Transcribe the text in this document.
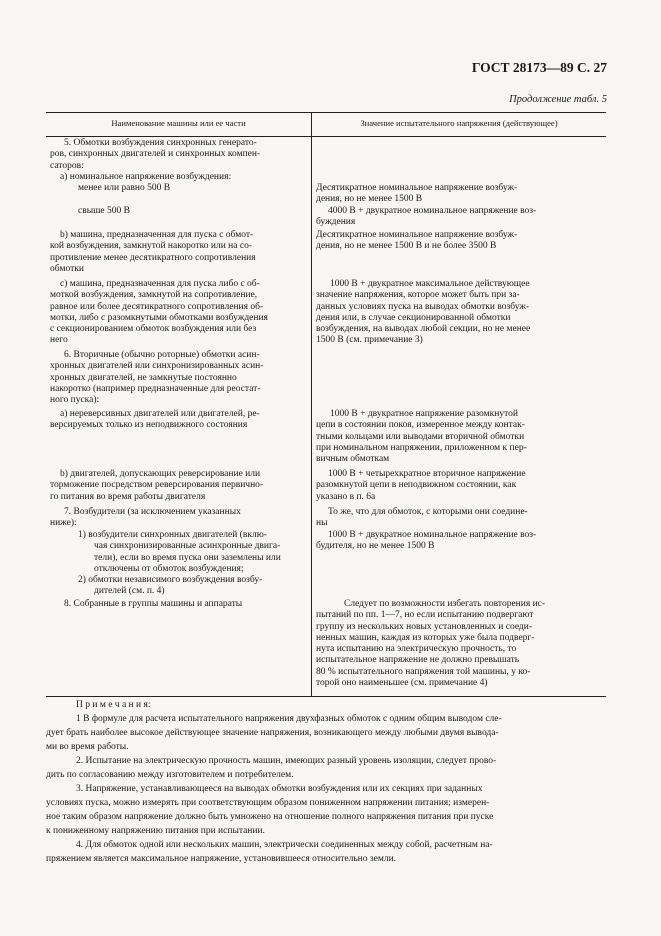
ГОСТ 28173—89 С. 27
Продолжение табл. 5
Наименование машины или ее части	Значение испытательного напряжения (действующее)
5. Обмотки возбуждения синхронных генерато-
ров, синхронных двигателей и синхронных компен-
саторов:
а) номинальное напряжение возбуждения:
менее или равно 500 В
свыше 500 В
b) машина, предназначенная для пуска с обмот-
кой возбуждения, замкнутой накоротко или на со-
противление менее десятикратного сопротивления
обмотки
c) машина, предназначенная для пуска либо с об-
моткой возбуждения, замкнутой на сопротивление,
равное или более десятикратного сопротивления об-
мотки, либо с разомкнутыми обмотками возбуждения
с секционированием обмоток возбуждения или без
него
6. Вторичные (обычно роторные) обмотки асин-
хронных двигателей или синхронизированных асин-
хронных двигателей, не замкнутые постоянно
накоротко (например предназначенные для реостат-
ного пуска):
а) нереверсивных двигателей или двигателей, ре-
версируемых только из неподвижного состояния
b) двигателей, допускающих реверсирование или
торможение посредством реверсирования первично-
го питания во время работы двигателя
7. Возбудители (за исключением указанных
ниже):
1) возбудители синхронных двигателей (вклю-
чая синхронизированные асинхронные двига-
тели), если во время пуска они заземлены или
отключены от обмоток возбуждения;
2) обмотки независимого возбуждения возбу-
дителей (см. п. 4)
8. Собранные в группы машины и аппараты
Десятикратное номинальное напряжение возбуж-
дения, но не менее 1500 В
4000 В + двукратное номинальное напряжение воз-
буждения
Десятикратное номинальное напряжение возбуж-
дения, но не менее 1500 В и не более 3500 В
1000 В + двукратное максимальное действующее
значение напряжения, которое может быть при за-
данных условиях пуска на выводах обмотки возбуж-
дения или, в случае секционированной обмотки
возбуждения, на выводах любой секции, но не менее
1500 В (см. примечание 3)
1000 В + двукратное напряжение разомкнутой
цепи в состоянии покоя, измеренное между контак-
тными кольцами или выводами вторичной обмотки
при номинальном напряжении, приложенном к пер-
вичным обмоткам
1000 В + четырехкратное вторичное напряжение
разомкнутой цепи в неподвижном состоянии, как
указано в п. 6а
То же, что для обмоток, с которыми они соедине-
ны
1000 В + двукратное номинальное напряжение воз-
будителя, но не менее 1500 В
Следует по возможности избегать повторения ис-
пытаний по пп. 1—7, но если испытанию подвергают
группу из нескольких новых установленных и соеди-
ненных машин, каждая из которых уже была подверг-
нута испытанию на электрическую прочность, то
испытательное напряжение не должно превышать
80 % испытательного напряжения той машины, у ко-
торой оно наименьшее (см. примечание 4)
П р и м е ч а н и я:
1 В формуле для расчета испытательного напряжения двухфазных обмоток с одним общим выводом сле-
дует брать наиболее высокое действующее значение напряжения, возникающего между любыми двумя вывода-
ми во время работы.
2. Испытание на электрическую прочность машин, имеющих разный уровень изоляции, следует прово-
дить по согласованию между изготовителем и потребителем.
3. Напряжение, устанавливающееся на выводах обмотки возбуждения или их секциях при заданных
условиях пуска, можно измерять при соответствующим образом пониженном напряжении питания; измерен-
ное таким образом напряжение должно быть умножено на отношение полного напряжения питания при пуске
к пониженному напряжению питания при испытании.
4. Для обмоток одной или нескольких машин, электрически соединенных между собой, расчетным на-
пряжением является максимальное напряжение, установившееся относительно земли.
